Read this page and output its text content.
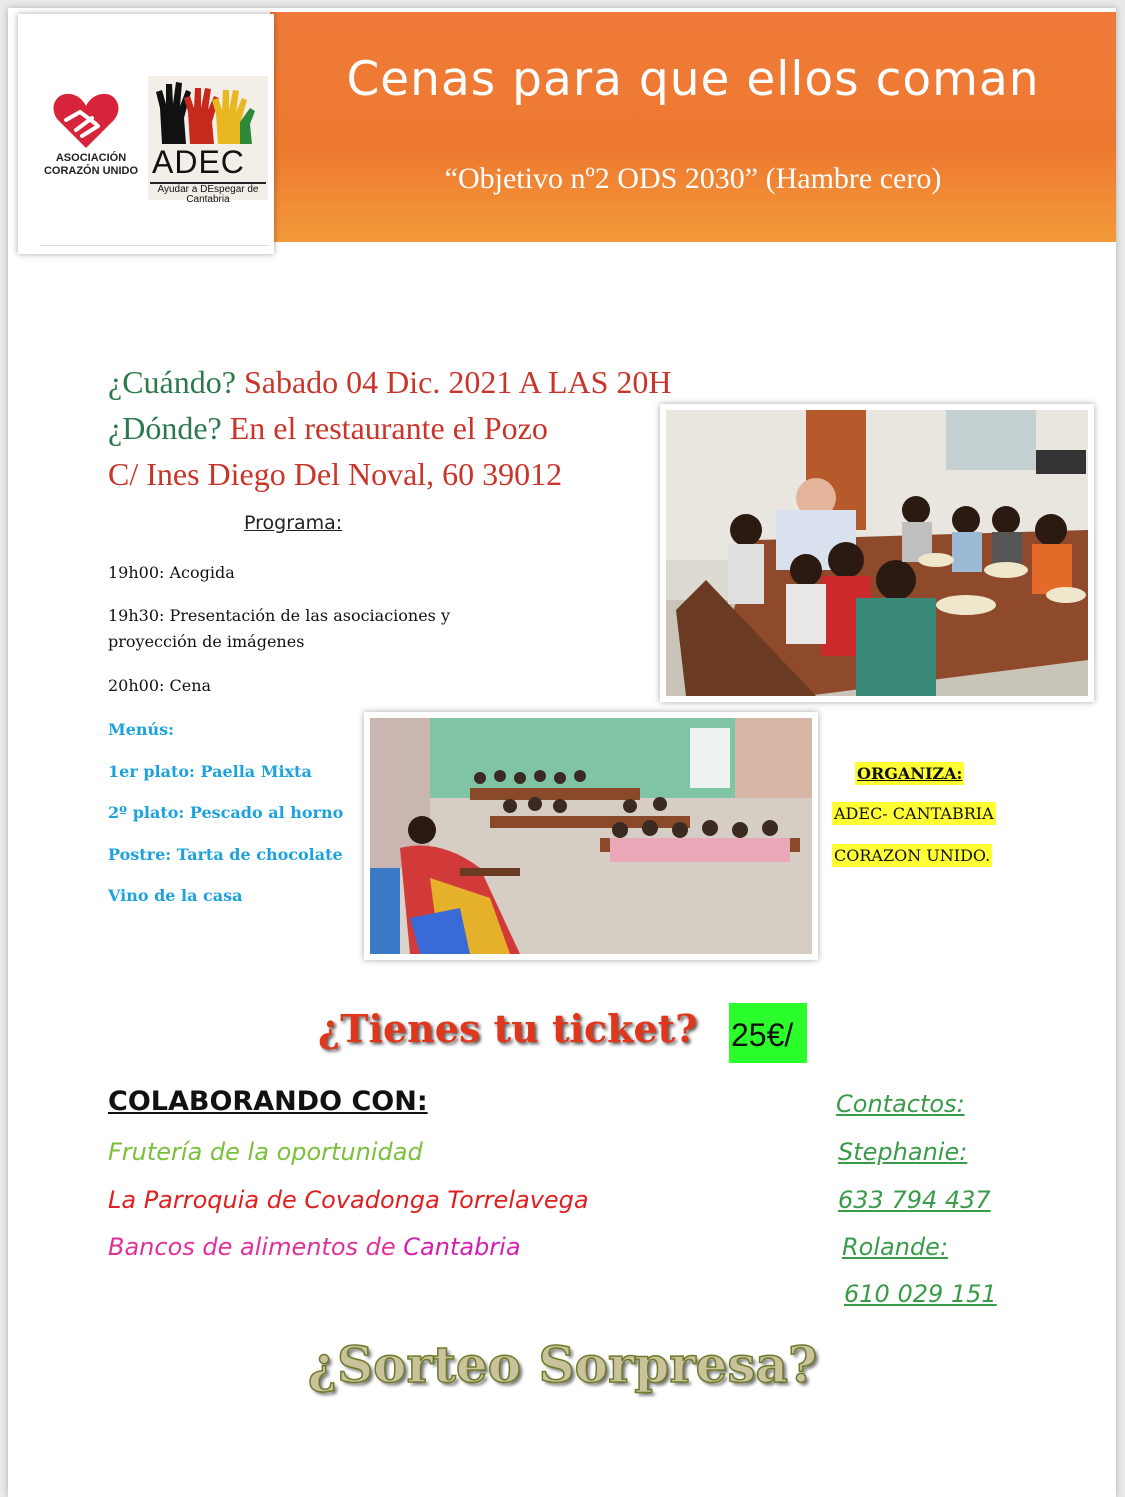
Cenas para que ellos coman
“Objetivo nº2 ODS 2030” (Hambre cero)
ASOCIACIÓN CORAZÓN UNIDO ADEC
Ayudar a DEspegar de Cantabria
¿Cuándo? Sabado 04 Dic. 2021 A LAS 20H
¿Dónde? En el restaurante el Pozo
C/ Ines Diego Del Noval, 60 39012
Programa:
19h00: Acogida
19h30: Presentación de las asociaciones y
proyección de imágenes
20h00: Cena
Menús:
1er plato: Paella Mixta
2º plato: Pescado al horno
Postre: Tarta de chocolate
Vino de la casa
ORGANIZA:
ADEC- CANTABRIA
CORAZON UNIDO.
¿Tienes tu ticket? 25€/
COLABORANDO CON:
Frutería de la oportunidad
La Parroquia de Covadonga Torrelavega
Bancos de alimentos de Cantabria
Contactos:
Stephanie:
633 794 437
Rolande:
610 029 151
¿Sorteo Sorpresa?
